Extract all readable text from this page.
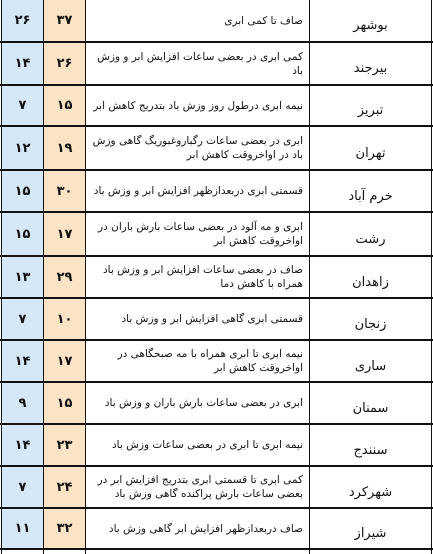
۲۶	۳۷	صاف تا کمی ابری	بوشهر
۱۴	۲۶	کمی ابری در بعضی ساعات افزایش ابر و وزش باد	بیرجند
۷	۱۵	نیمه ابری درطول روز وزش باد بتدریج کاهش ابر	تبریز
۱۲	۱۹	ابری در بعضی ساعات رگباروغبوریگ گاهی وزش باد در اواخروقت کاهش ابر	تهران
۱۵	۳۰	قسمتی ابری دربعدازظهر افزایش ابر و وزش باد	خرم آباد
۱۵	۱۷	ابری و مه آلود در بعضی ساعات بارش باران در اواخروقت کاهش ابر	رشت
۱۳	۲۹	صاف در بعضی ساعات افزایش ابر و وزش باد همراه با کاهش دما	زاهدان
۷	۱۰	قسمتی ابری گاهی افزایش ابر و وزش باد	زنجان
۱۴	۱۷	نیمه ابری تا ابری همراه با مه صبحگاهی در اواخروقت کاهش ابر	ساری
۹	۱۵	ابری در بعضی ساعات بارش باران و وزش باد	سمنان
۱۴	۲۳	نیمه ابری تا ابری در بعضی ساعات وزش باد	سنندج
۷	۲۴	کمی ابری تا قسمتی ابری بتدریج افزایش ابر در بعضی ساعات بارش پراکنده گاهی وزش باد	شهرکرد
۱۱	۳۲	صاف دربعدازظهر افزایش ابر گاهی وزش باد	شیراز
